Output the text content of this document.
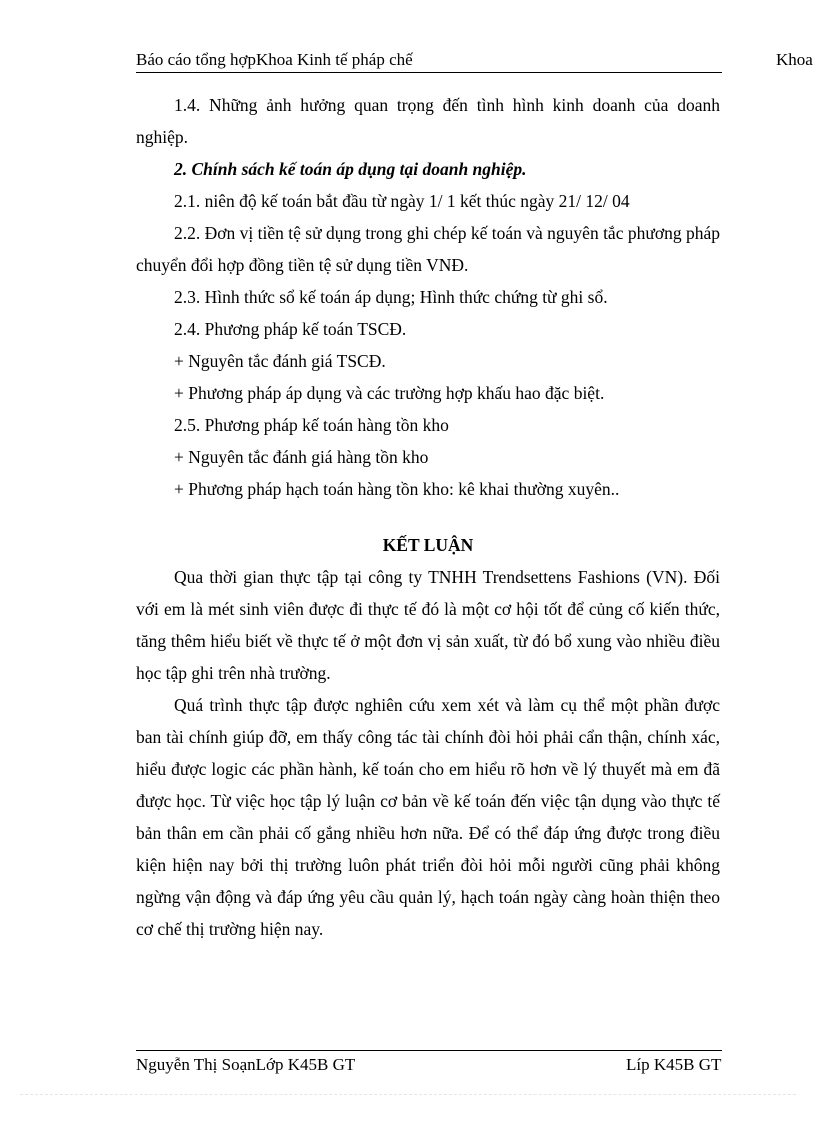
Báo cáo tổng hợpKhoa Kinh tế pháp chế	Khoa

1.4. Những ảnh hưởng quan trọng đến tình hình kinh doanh của doanh nghiệp.

2. Chính sách kế toán áp dụng tại doanh nghiệp.

2.1. niên độ kế toán bắt đầu từ ngày 1/ 1 kết thúc ngày 21/ 12/ 04

2.2. Đơn vị tiền tệ sử dụng trong ghi chép kế toán và nguyên tắc phương pháp chuyển đổi hợp đồng tiền tệ sử dụng tiền VNĐ.

2.3. Hình thức sổ kế toán áp dụng; Hình thức chứng từ ghi sổ.

2.4. Phương pháp kế toán TSCĐ.

+ Nguyên tắc đánh giá TSCĐ.

+ Phương pháp áp dụng và các trường hợp khấu hao đặc biệt.

2.5. Phương pháp kế toán hàng tồn kho

+ Nguyên tắc đánh giá hàng tồn kho

+ Phương pháp hạch toán hàng tồn kho: kê khai thường xuyên..

KẾT LUẬN

Qua thời gian thực tập tại công ty TNHH Trendsettens Fashions (VN). Đối với em là mét sinh viên được đi thực tế đó là một cơ hội tốt để củng cố kiến thức, tăng thêm hiểu biết về thực tế ở một đơn vị sản xuất, từ đó bổ xung vào nhiều điều học tập ghi trên nhà trường.

Quá trình thực tập được nghiên cứu xem xét và làm cụ thể một phần được ban tài chính giúp đỡ, em thấy công tác tài chính đòi hỏi phải cẩn thận, chính xác, hiểu được logic các phần hành, kế toán cho em hiểu rõ hơn về lý thuyết mà em đã được học. Từ việc học tập lý luận cơ bản về kế toán đến việc tận dụng vào thực tế bản thân em cần phải cố gắng nhiều hơn nữa. Để có thể đáp ứng được trong điều kiện hiện nay bởi thị trường luôn phát triển đòi hỏi mỗi người cũng phải không ngừng vận động và đáp ứng yêu cầu quản lý, hạch toán ngày càng hoàn thiện theo cơ chế thị trường hiện nay.

Nguyễn Thị SoạnLớp K45B GT	Líp K45B GT
